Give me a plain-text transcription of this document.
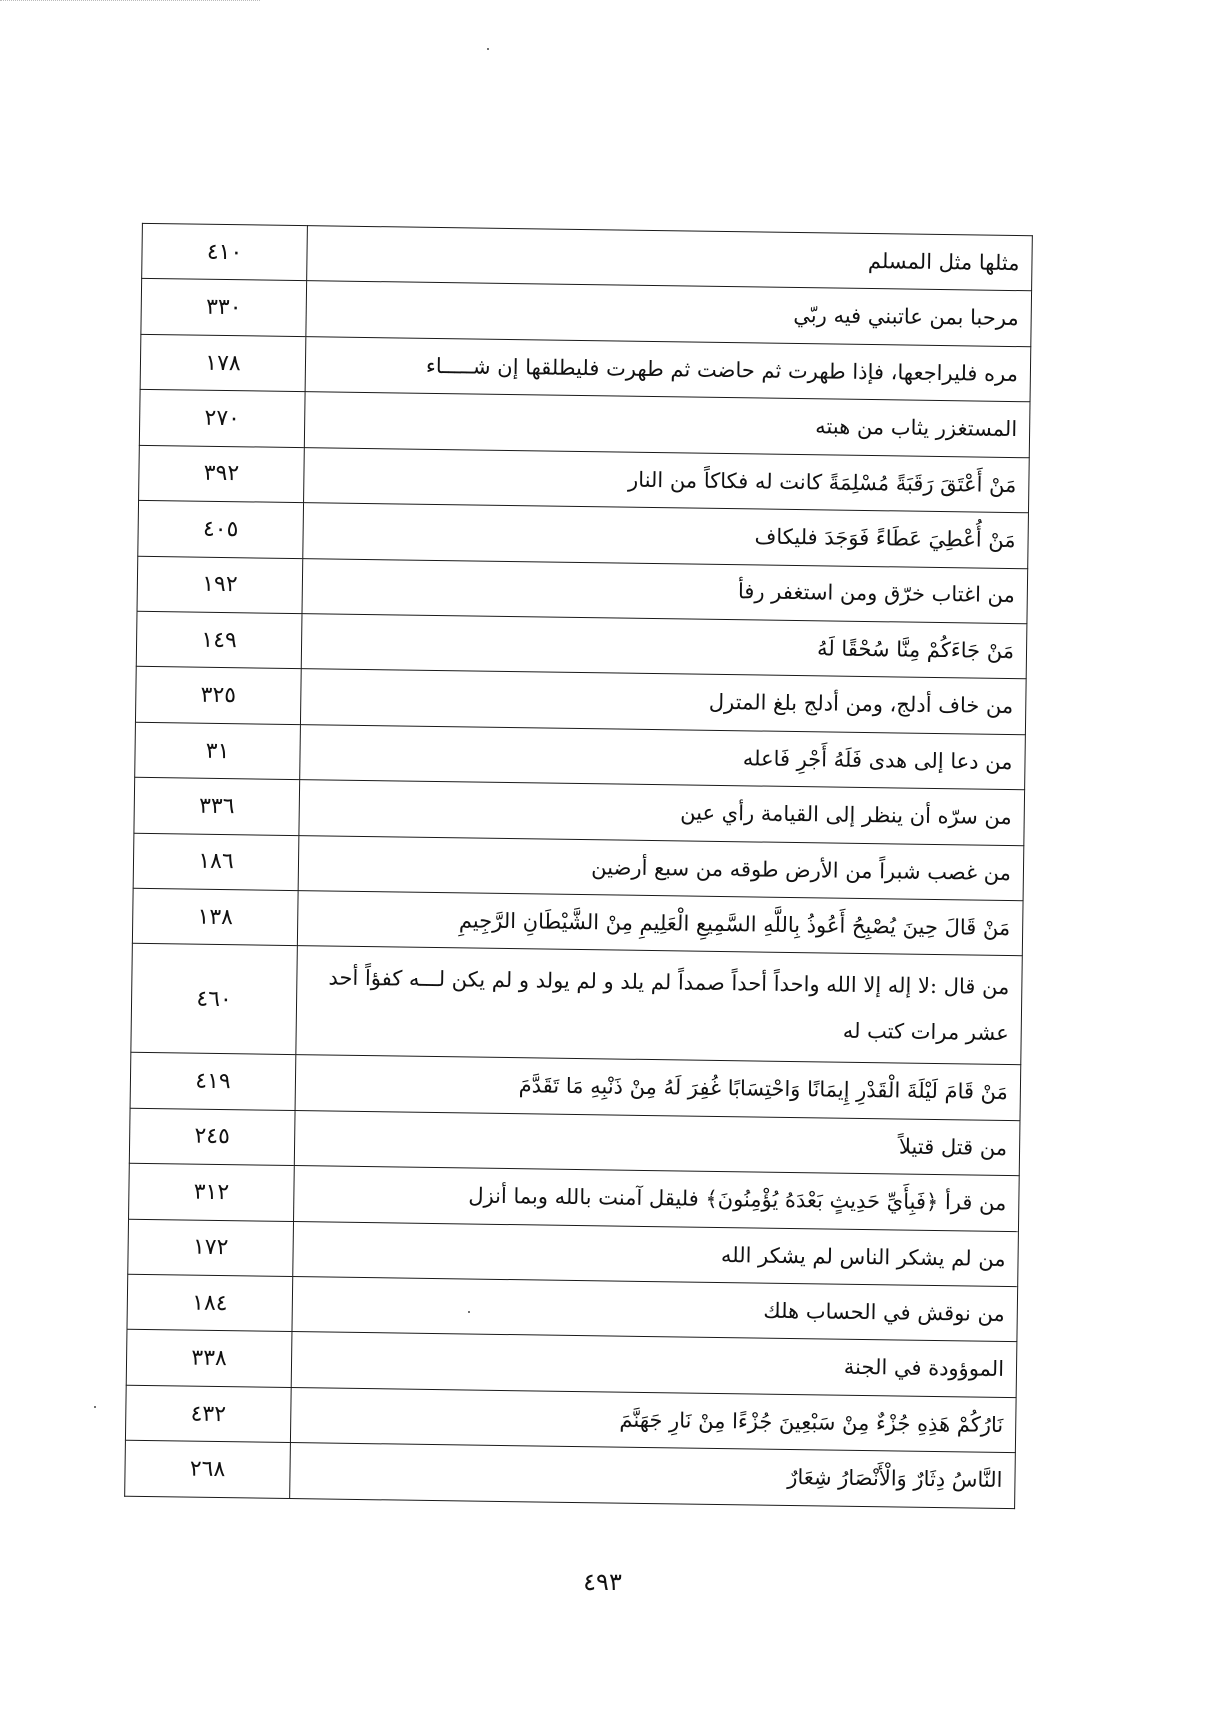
مثلها مثل المسلم	٤١٠
مرحبا بمن عاتبني فيه ربّي	٣٣٠
مره فليراجعها، فإذا طهرت ثم حاضت ثم طهرت فليطلقها إن شـــــاء	١٧٨
المستغزر يثاب من هبته	٢٧٠
مَنْ أَعْتَقَ رَقَبَةً مُسْلِمَةً كانت له فكاكاً من النار	٣٩٢
مَنْ أُعْطِيَ عَطَاءً فَوَجَدَ فليكاف	٤٠٥
من اغتاب خرّق ومن استغفر رفأ	١٩٢
مَنْ جَاءَكُمْ مِنَّا سُحْقًا لَهُ	١٤٩
من خاف أدلج، ومن أدلج بلغ المترل	٣٢٥
من دعا إلى هدى فَلَهُ أَجْرِ فَاعله	٣١
من سرّه أن ينظر إلى القيامة رأي عين	٣٣٦
من غصب شبراً من الأرض طوقه من سبع أرضين	١٨٦
مَنْ قَالَ حِينَ يُصْبِحُ أَعُوذُ بِاللَّهِ السَّمِيعِ الْعَلِيمِ مِنْ الشَّيْطَانِ الرَّجِيمِ	١٣٨
من قال :لا إله إلا الله واحداً أحداً صمداً لم يلد و لم يولد و لم يكن لـــه كفؤاً أحد عشر مرات كتب له	٤٦٠
مَنْ قَامَ لَيْلَةَ الْقَدْرِ إِيمَانًا وَاحْتِسَابًا غُفِرَ لَهُ مِنْ ذَنْبِهِ مَا تَقَدَّمَ	٤١٩
من قتل قتيلاً	٢٤٥
من قرأ ﴿فَبِأَيِّ حَدِيثٍ بَعْدَهُ يُؤْمِنُونَ﴾ فليقل آمنت بالله وبما أنزل	٣١٢
من لم يشكر الناس لم يشكر الله	١٧٢
من نوقش في الحساب هلك	١٨٤
الموؤودة في الجنة	٣٣٨
نَارُكُمْ هَذِهِ جُزْءٌ مِنْ سَبْعِينَ جُزْءًا مِنْ نَارِ جَهَنَّمَ	٤٣٢
النَّاسُ دِثَارٌ وَالْأَنْصَارُ شِعَارٌ	٢٦٨
٤٩٣
